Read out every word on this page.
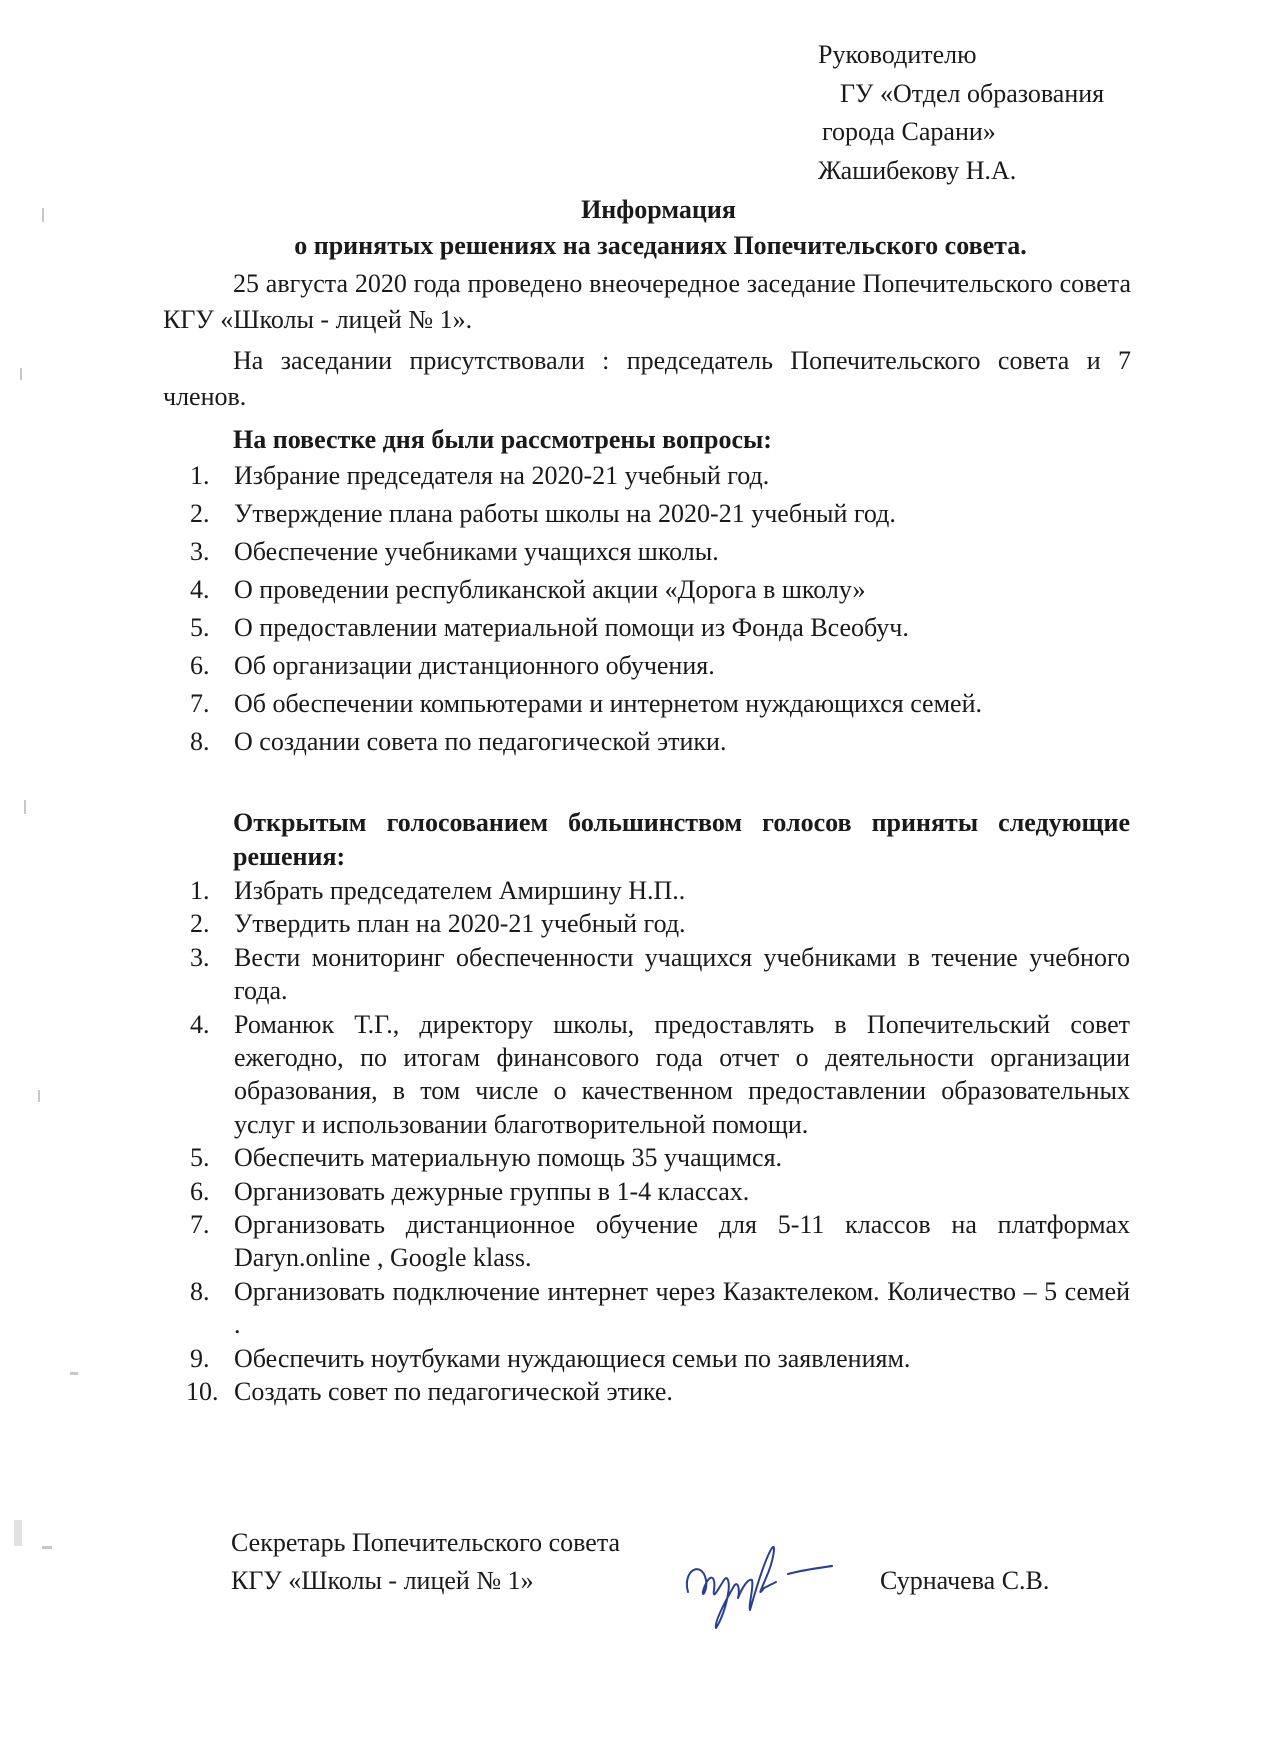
Руководителю
ГУ «Отдел образования
города Сарани»
Жашибекову Н.А.
Информация
о принятых решениях на заседаниях Попечительского совета.
25 августа 2020 года проведено внеочередное заседание Попечительского совета КГУ «Школы - лицей № 1».
На заседании присутствовали : председатель Попечительского совета и 7 членов.
На повестке дня были рассмотрены вопросы:
1. Избрание председателя на 2020-21 учебный год.
2. Утверждение плана работы школы на 2020-21 учебный год.
3. Обеспечение учебниками учащихся школы.
4. О проведении республиканской акции «Дорога в школу»
5. О предоставлении материальной помощи из Фонда Всеобуч.
6. Об организации дистанционного обучения.
7. Об обеспечении компьютерами и интернетом нуждающихся семей.
8. О создании совета по педагогической этики.
Открытым голосованием большинством голосов приняты следующие решения:
1. Избрать председателем Амиршину Н.П..
2. Утвердить план на 2020-21 учебный год.
3. Вести мониторинг обеспеченности учащихся учебниками в течение учебного года.
4. Романюк Т.Г., директору школы, предоставлять в Попечительский совет ежегодно, по итогам финансового года отчет о деятельности организации образования, в том числе о качественном предоставлении образовательных услуг и использовании благотворительной помощи.
5. Обеспечить материальную помощь 35 учащимся.
6. Организовать дежурные группы в 1-4 классах.
7. Организовать дистанционное обучение для 5-11 классов на платформах Daryn.online , Google klass.
8. Организовать подключение интернет через Казактелеком. Количество – 5 семей .
9. Обеспечить ноутбуками нуждающиеся семьи по заявлениям.
10. Создать совет по педагогической этике.
Секретарь Попечительского совета
КГУ «Школы - лицей № 1»	Сурначева С.В.
